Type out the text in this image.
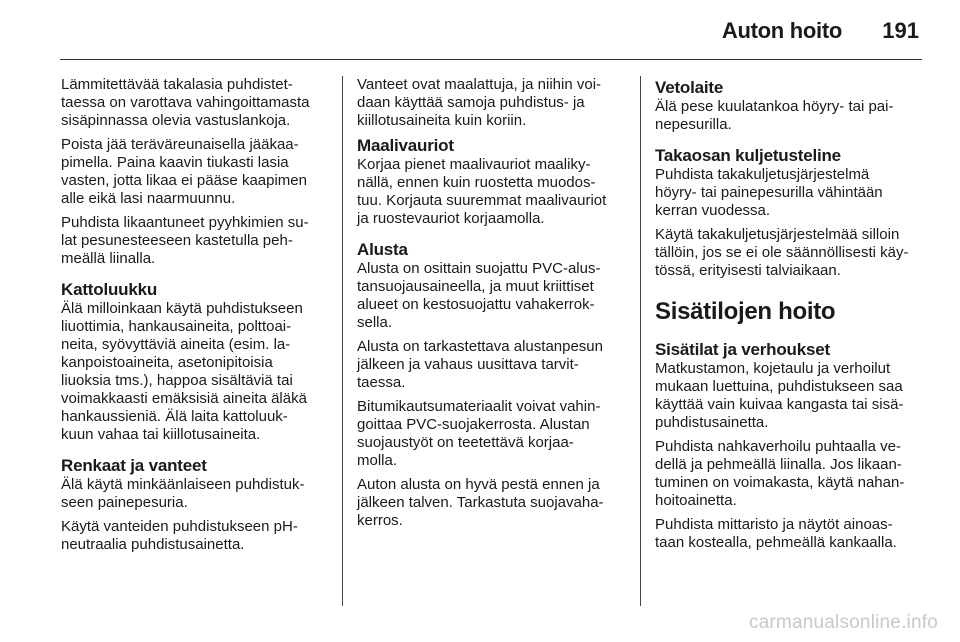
Auton hoito 191

Lämmitettävää takalasia puhdistet-
taessa on varottava vahingoittamasta
sisäpinnassa olevia vastuslankoja.

Poista jää teräväreunaisella jääkaa-
pimella. Paina kaavin tiukasti lasia
vasten, jotta likaa ei pääse kaapimen
alle eikä lasi naarmuunnu.

Puhdista likaantuneet pyyhkimien su-
lat pesunesteeseen kastetulla peh-
meällä liinalla.

Kattoluukku

Älä milloinkaan käytä puhdistukseen
liuottimia, hankausaineita, polttoai-
neita, syövyttäviä aineita (esim. la-
kanpoistoaineita, asetonipitoisia
liuoksia tms.), happoa sisältäviä tai
voimakkaasti emäksisiä aineita äläkä
hankaussieniä. Älä laita kattoluuk-
kuun vahaa tai kiillotusaineita.

Renkaat ja vanteet

Älä käytä minkäänlaiseen puhdistuk-
seen painepesuria.

Käytä vanteiden puhdistukseen pH-
neutraalia puhdistusainetta.

Vanteet ovat maalattuja, ja niihin voi-
daan käyttää samoja puhdistus- ja
kiillotusaineita kuin koriin.

Maalivauriot

Korjaa pienet maalivauriot maaliky-
nällä, ennen kuin ruostetta muodos-
tuu. Korjauta suuremmat maalivauriot
ja ruostevauriot korjaamolla.

Alusta

Alusta on osittain suojattu PVC-alus-
tansuojausaineella, ja muut kriittiset
alueet on kestosuojattu vahakerrok-
sella.

Alusta on tarkastettava alustanpesun
jälkeen ja vahaus uusittava tarvit-
taessa.

Bitumikautsumateriaalit voivat vahin-
goittaa PVC-suojakerrosta. Alustan
suojaustyöt on teetettävä korjaa-
molla.

Auton alusta on hyvä pestä ennen ja
jälkeen talven. Tarkastuta suojavaha-
kerros.

Vetolaite

Älä pese kuulatankoa höyry- tai pai-
nepesurilla.

Takaosan kuljetusteline

Puhdista takakuljetusjärjestelmä
höyry- tai painepesurilla vähintään
kerran vuodessa.

Käytä takakuljetusjärjestelmää silloin
tällöin, jos se ei ole säännöllisesti käy-
tössä, erityisesti talviaikaan.

Sisätilojen hoito
Sisätilat ja verhoukset

Matkustamon, kojetaulu ja verhoilut
mukaan luettuina, puhdistukseen saa
käyttää vain kuivaa kangasta tai sisä-
puhdistusainetta.

Puhdista nahkaverhoilu puhtaalla ve-
dellä ja pehmeällä liinalla. Jos likaan-
tuminen on voimakasta, käytä nahan-
hoitoainetta.

Puhdista mittaristo ja näytöt ainoas-
taan kostealla, pehmeällä kankaalla.

carmanualsonline.info
